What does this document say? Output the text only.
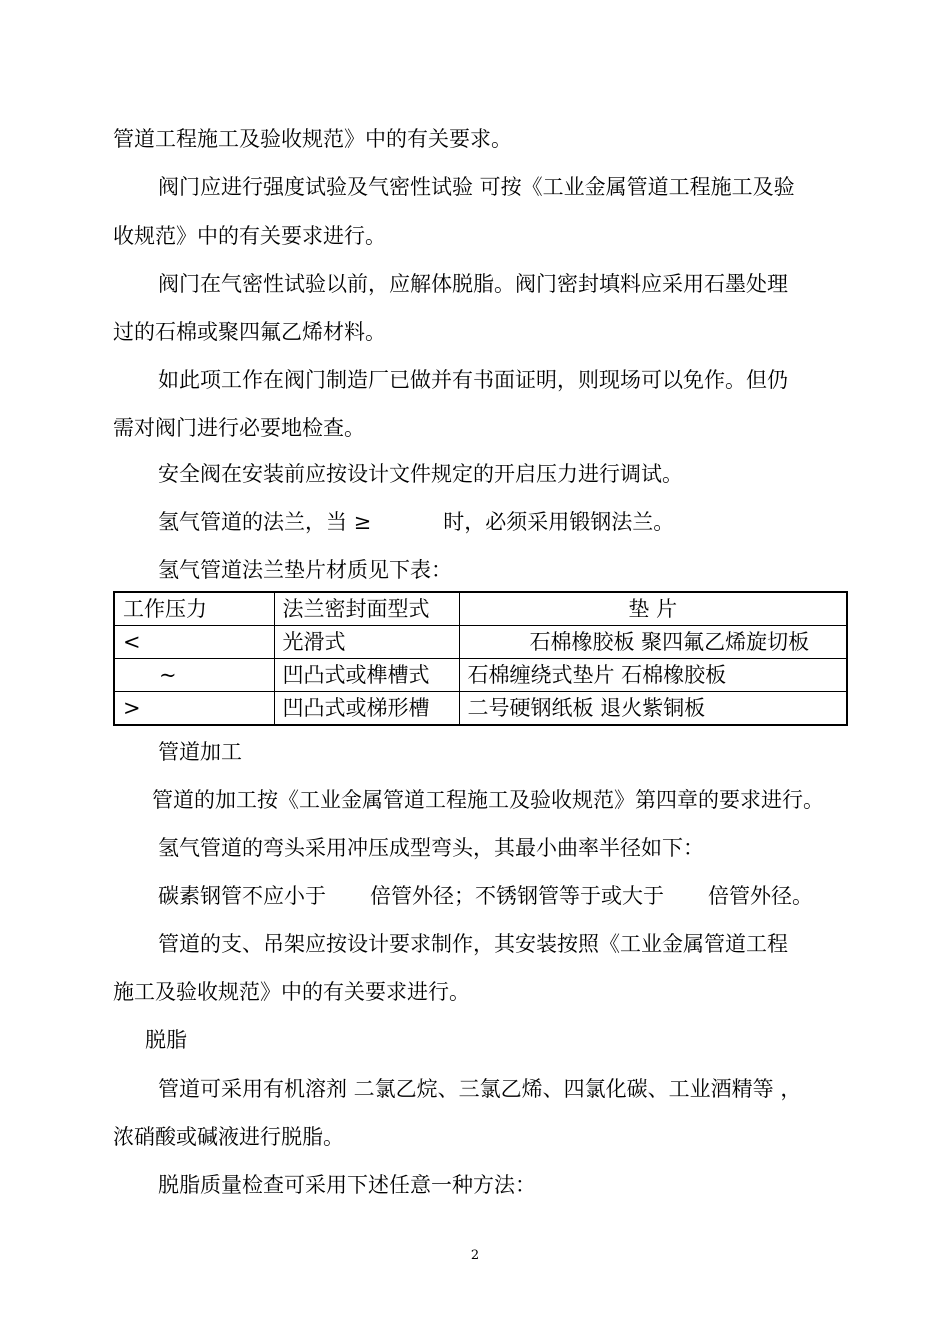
管道工程施工及验收规范》中的有关要求。

阀门应进行强度试验及气密性试验 可按《工业金属管道工程施工及验

收规范》中的有关要求进行。

阀门在气密性试验以前，应解体脱脂。阀门密封填料应采用石墨处理

过的石棉或聚四氟乙烯材料。

如此项工作在阀门制造厂已做并有书面证明，则现场可以免作。但仍

需对阀门进行必要地检查。

安全阀在安装前应按设计文件规定的开启压力进行调试。

氢气管道的法兰，当 ≥	时，必须采用锻钢法兰。

氢气管道法兰垫片材质见下表：

工作压力	法兰密封面型式	垫 片
<	光滑式	石棉橡胶板 聚四氟乙烯旋切板
~	凹凸式或榫槽式	石棉缠绕式垫片 石棉橡胶板
>	凹凸式或梯形槽	二号硬钢纸板 退火紫铜板

管道加工

管道的加工按《工业金属管道工程施工及验收规范》第四章的要求进行。

氢气管道的弯头采用冲压成型弯头，其最小曲率半径如下：

碳素钢管不应小于 倍管外径；不锈钢管等于或大于 倍管外径。

管道的支、吊架应按设计要求制作，其安装按照《工业金属管道工程

施工及验收规范》中的有关要求进行。

脱脂

管道可采用有机溶剂 二氯乙烷、三氯乙烯、四氯化碳、工业酒精等 ，

浓硝酸或碱液进行脱脂。

脱脂质量检查可采用下述任意一种方法：

2
